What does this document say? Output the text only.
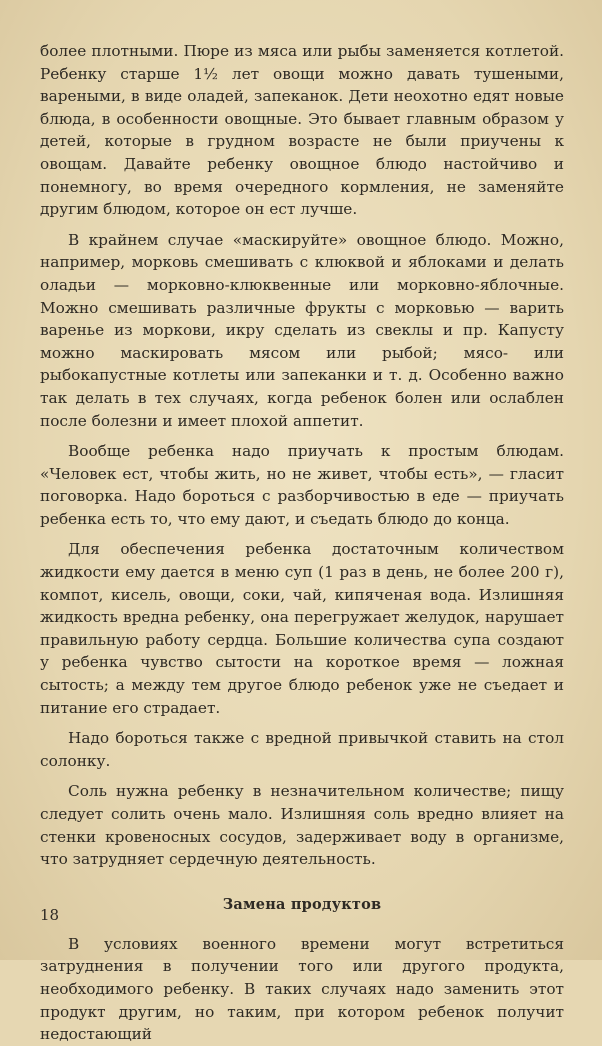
более плотными. Пюре из мяса или рыбы заменяется котлетой. Ребенку старше 1½ лет овощи можно давать тушеными, вареными, в виде оладей, запеканок. Дети неохотно едят новые блюда, в особенности овощные. Это бывает главным образом у детей, которые в грудном возрасте не были приучены к овощам. Давайте ребенку овощное блюдо настойчиво и понемногу, во время очередного кормления, не заменяйте другим блюдом, которое он ест лучше.

В крайнем случае «маскируйте» овощное блюдо. Можно, например, морковь смешивать с клюквой и яблоками и делать оладьи — морковно-клюквенные или морковно-яблочные. Можно смешивать различные фрукты с морковью — варить варенье из моркови, икру сделать из свеклы и пр. Капусту можно маскировать мясом или рыбой; мясо- или рыбокапустные котлеты или запеканки и т. д. Особенно важно так делать в тех случаях, когда ребенок болен или ослаблен после болезни и имеет плохой аппетит.

Вообще ребенка надо приучать к простым блюдам. «Человек ест, чтобы жить, но не живет, чтобы есть», — гласит поговорка. Надо бороться с разборчивостью в еде — приучать ребенка есть то, что ему дают, и съедать блюдо до конца.

Для обеспечения ребенка достаточным количеством жидкости ему дается в меню суп (1 раз в день, не более 200 г), компот, кисель, овощи, соки, чай, кипяченая вода. Излишняя жидкость вредна ребенку, она перегружает желудок, нарушает правильную работу сердца. Большие количества супа создают у ребенка чувство сытости на короткое время — ложная сытость; а между тем другое блюдо ребенок уже не съедает и питание его страдает.

Надо бороться также с вредной привычкой ставить на стол солонку.

Соль нужна ребенку в незначительном количестве; пищу следует солить очень мало. Излишняя соль вредно влияет на стенки кровеносных сосудов, задерживает воду в организме, что затрудняет сердечную деятельность.

Замена продуктов

В условиях военного времени могут встретиться затруднения в получении того или другого продукта, необходимого ребенку. В таких случаях надо заменить этот продукт другим, но таким, при котором ребенок получит недостающий

18
